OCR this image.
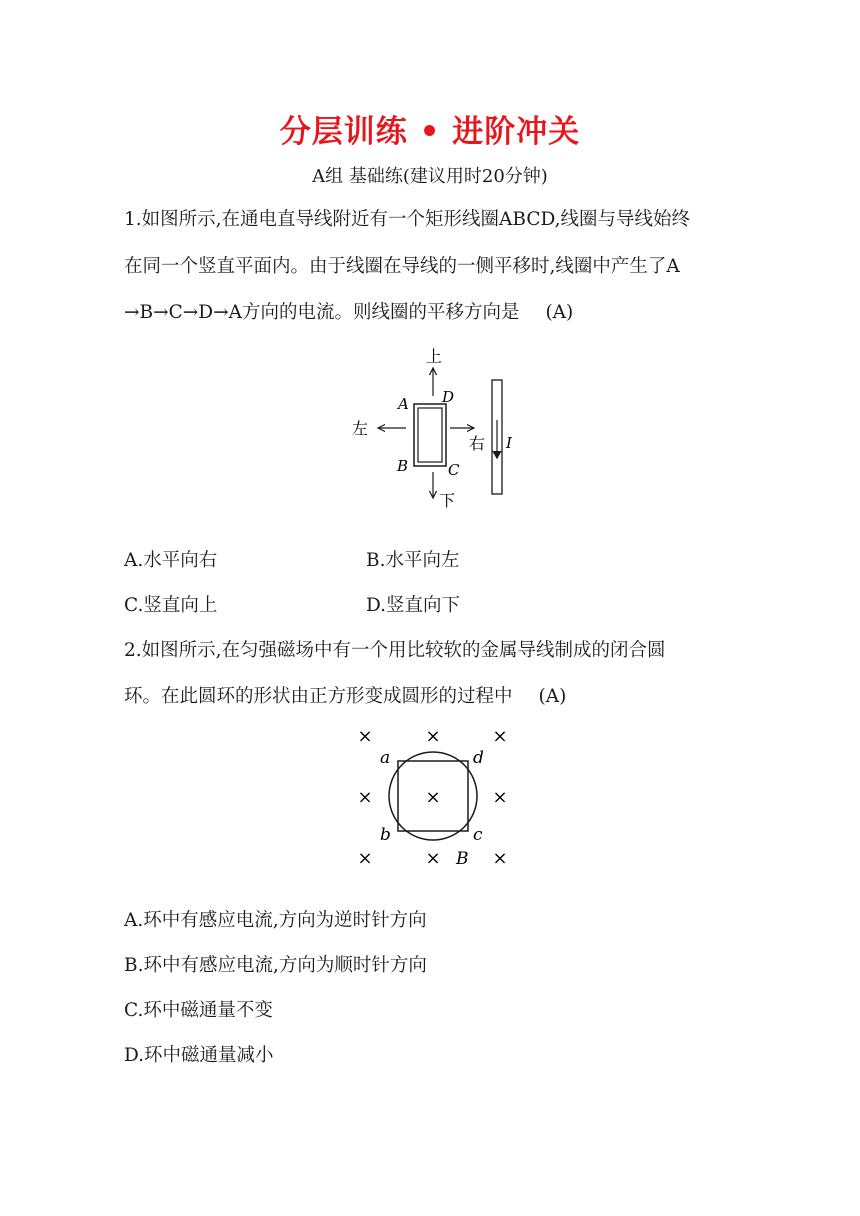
分层训练 • 进阶冲关
A组 基础练(建议用时20分钟)
1.如图所示,在通电直导线附近有一个矩形线圈ABCD,线圈与导线始终
在同一个竖直平面内。由于线圈在导线的一侧平移时,线圈中产生了A
→B→C→D→A方向的电流。则线圈的平移方向是 (A)
上
下
左
右
A D
B	C
I
A.水平向右	B.水平向左
C.竖直向上	D.竖直向下
2.如图所示,在匀强磁场中有一个用比较软的金属导线制成的闭合圆
环。在此圆环的形状由正方形变成圆形的过程中 (A)
×	×	×
×	×	×
×	×	×
a	d
b	c
B
A.环中有感应电流,方向为逆时针方向
B.环中有感应电流,方向为顺时针方向
C.环中磁通量不变
D.环中磁通量减小
